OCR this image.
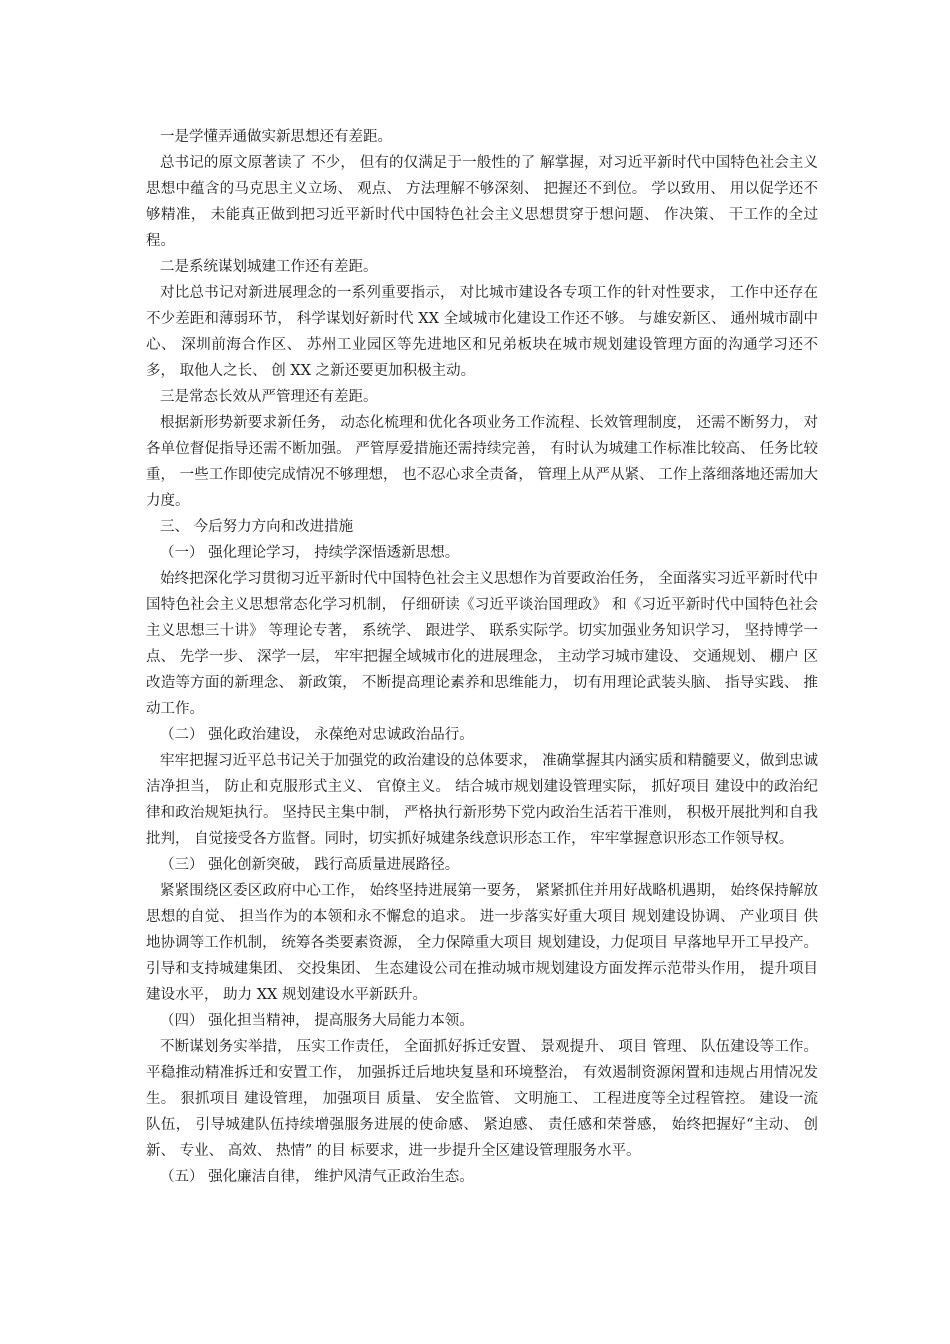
一是学懂弄通做实新思想还有差距。

总书记的原文原著读了 不少， 但有的仅满足于一般性的了 解掌握，对习近平新时代中国特色社会主义思想中蕴含的马克思主义立场、 观点、 方法理解不够深刻、 把握还不到位。 学以致用、 用以促学还不够精准， 未能真正做到把习近平新时代中国特色社会主义思想贯穿于想问题、 作决策、 干工作的全过程。

二是系统谋划城建工作还有差距。

对比总书记对新进展理念的一系列重要指示， 对比城市建设各专项工作的针对性要求， 工作中还存在不少差距和薄弱环节， 科学谋划好新时代 XX 全域城市化建设工作还不够。 与雄安新区、 通州城市副中心、 深圳前海合作区、 苏州工业园区等先进地区和兄弟板块在城市规划建设管理方面的沟通学习还不多， 取他人之长、 创 XX 之新还要更加积极主动。

三是常态长效从严管理还有差距。

根据新形势新要求新任务， 动态化梳理和优化各项业务工作流程、长效管理制度， 还需不断努力， 对各单位督促指导还需不断加强。 严管厚爱措施还需持续完善， 有时认为城建工作标准比较高、 任务比较重， 一些工作即使完成情况不够理想， 也不忍心求全责备， 管理上从严从紧、 工作上落细落地还需加大力度。

三、 今后努力方向和改进措施

（一） 强化理论学习， 持续学深悟透新思想。

始终把深化学习贯彻习近平新时代中国特色社会主义思想作为首要政治任务， 全面落实习近平新时代中国特色社会主义思想常态化学习机制， 仔细研读《习近平谈治国理政》 和《习近平新时代中国特色社会主义思想三十讲》 等理论专著， 系统学、 跟进学、 联系实际学。切实加强业务知识学习， 坚持博学一点、 先学一步、 深学一层， 牢牢把握全域城市化的进展理念， 主动学习城市建设、 交通规划、 棚户 区改造等方面的新理念、 新政策， 不断提高理论素养和思维能力， 切有用理论武装头脑、 指导实践、 推动工作。

（二） 强化政治建设， 永葆绝对忠诚政治品行。

牢牢把握习近平总书记关于加强党的政治建设的总体要求， 准确掌握其内涵实质和精髓要义，做到忠诚洁净担当， 防止和克服形式主义、 官僚主义。 结合城市规划建设管理实际， 抓好项目 建设中的政治纪律和政治规矩执行。 坚持民主集中制， 严格执行新形势下党内政治生活若干准则， 积极开展批判和自我批判， 自觉接受各方监督。同时，切实抓好城建条线意识形态工作， 牢牢掌握意识形态工作领导权。

（三） 强化创新突破， 践行高质量进展路径。

紧紧围绕区委区政府中心工作， 始终坚持进展第一要务， 紧紧抓住并用好战略机遇期， 始终保持解放思想的自觉、 担当作为的本领和永不懈怠的追求。 进一步落实好重大项目 规划建设协调、 产业项目 供地协调等工作机制， 统筹各类要素资源， 全力保障重大项目 规划建设，力促项目 早落地早开工早投产。 引导和支持城建集团、 交投集团、 生态建设公司在推动城市规划建设方面发挥示范带头作用， 提升项目 建设水平， 助力 XX 规划建设水平新跃升。

（四） 强化担当精神， 提高服务大局能力本领。

不断谋划务实举措， 压实工作责任， 全面抓好拆迁安置、 景观提升、 项目 管理、 队伍建设等工作。 平稳推动精准拆迁和安置工作， 加强拆迁后地块复垦和环境整治， 有效遏制资源闲置和违规占用情况发生。 狠抓项目 建设管理， 加强项目 质量、 安全监管、 文明施工、 工程进度等全过程管控。 建设一流队伍， 引导城建队伍持续增强服务进展的使命感、 紧迫感、 责任感和荣誉感， 始终把握好“主动、 创新、 专业、 高效、 热情” 的目 标要求，进一步提升全区建设管理服务水平。

（五） 强化廉洁自律， 维护风清气正政治生态。
